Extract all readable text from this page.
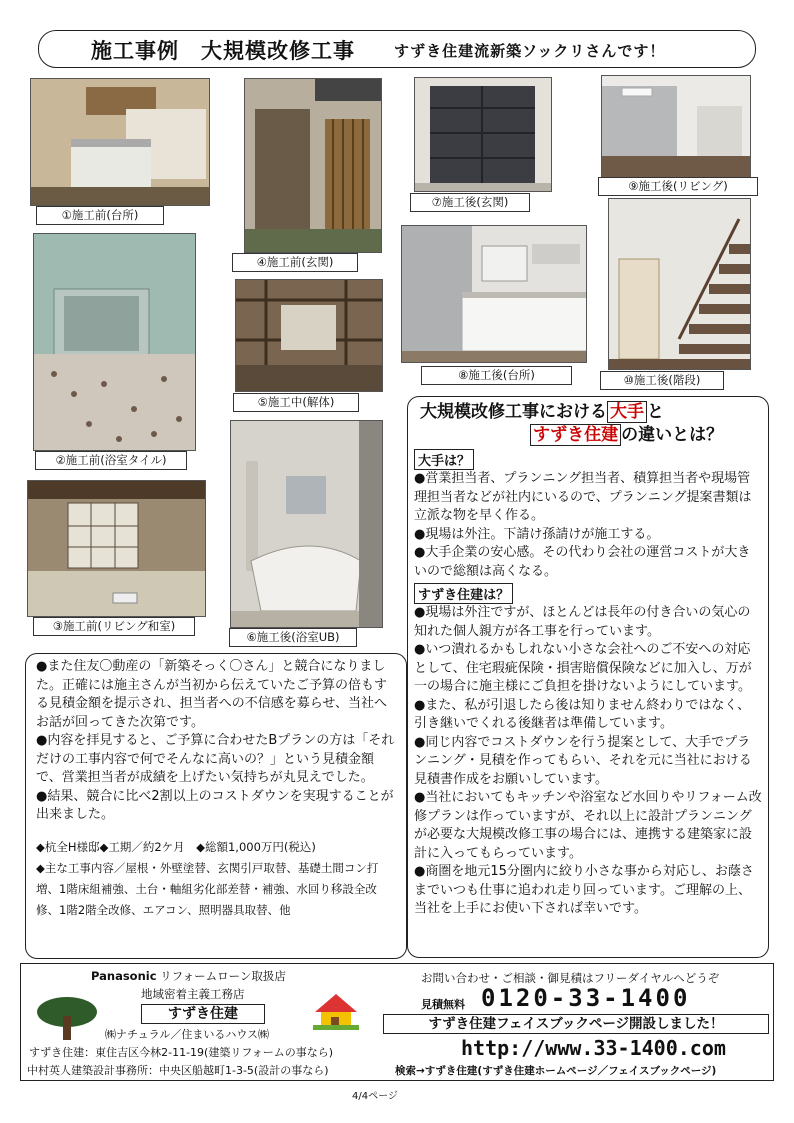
施工事例　大規模改修工事	すずき住建流新築ソックリさんです！
①施工前(台所)
④施工前(玄関)
②施工前(浴室タイル)
⑤施工中(解体)
⑥施工後(浴室UB)
③施工前(リビング和室)
⑦施工後(玄関)
⑨施工後(リビング)
⑧施工後(台所)	⑩施工後(階段)

●また住友〇動産の「新築そっく〇さん」と競合になりました。正確には施主さんが当初から伝えていたご予算の倍もする見積金額を提示され、担当者への不信感を募らせ、当社へお話が回ってきた次第です。

●内容を拝見すると、ご予算に合わせたBプランの方は「それだけの工事内容で何でそんなに高いの？」という見積金額で、営業担当者が成績を上げたい気持ちが丸見えでした。

●結果、競合に比べ2割以上のコストダウンを実現することが出来ました。

◆杭全H様邸◆工期／約2ケ月　◆総額1,000万円(税込)
◆主な工事内容／屋根・外壁塗替、玄関引戸取替、基礎土間コン打増、1階床組補強、土台・軸組劣化部差替・補強、水回り移設全改修、1階2階全改修、エアコン、照明器具取替、他
大規模改修工事における 大手 と
すずき住建 の違いとは？
大手は？

●営業担当者、プランニング担当者、積算担当者や現場管理担当者などが社内にいるので、プランニング提案書類は立派な物を早く作る。

●現場は外注。下請け孫請けが施工する。

●大手企業の安心感。その代わり会社の運営コストが大きいので総額は高くなる。

すずき住建は？

●現場は外注ですが、ほとんどは長年の付き合いの気心の知れた個人親方が各工事を行っています。

●いつ潰れるかもしれない小さな会社へのご不安への対応として、住宅瑕疵保険・損害賠償保険などに加入し、万が一の場合に施主様にご負担を掛けないようにしています。

●また、私が引退したら後は知りません終わりではなく、引き継いでくれる後継者は準備しています。

●同じ内容でコストダウンを行う提案として、大手でプランニング・見積を作ってもらい、それを元に当社における見積書作成をお願いしています。

●当社においてもキッチンや浴室など水回りやリフォーム改修プランは作っていますが、それ以上に設計プランニングが必要な大規模改修工事の場合には、連携する建築家に設計に入ってもらっています。

●商圏を地元15分圏内に絞り小さな事から対応し、お蔭さまでいつも仕事に追われ走り回っています。ご理解の上、当社を上手にお使い下されば幸いです。

Panasonic リフォームローン取扱店
地域密着主義工務店
すずき住建
㈱ナチュラル／住まいるハウス㈱
すずき住建：東住吉区今林2-11-19(建築リフォームの事なら)
中村英人建築設計事務所：中央区船越町1-3-5(設計の事なら)
お問い合わせ・ご相談・御見積はフリーダイヤルへどうぞ
見積無料 0120-33-1400
すずき住建フェイスブックページ開設しました！
http://www.33-1400.com
検索→すずき住建(すずき住建ホームページ／フェイスブックページ)
4/4ページ
